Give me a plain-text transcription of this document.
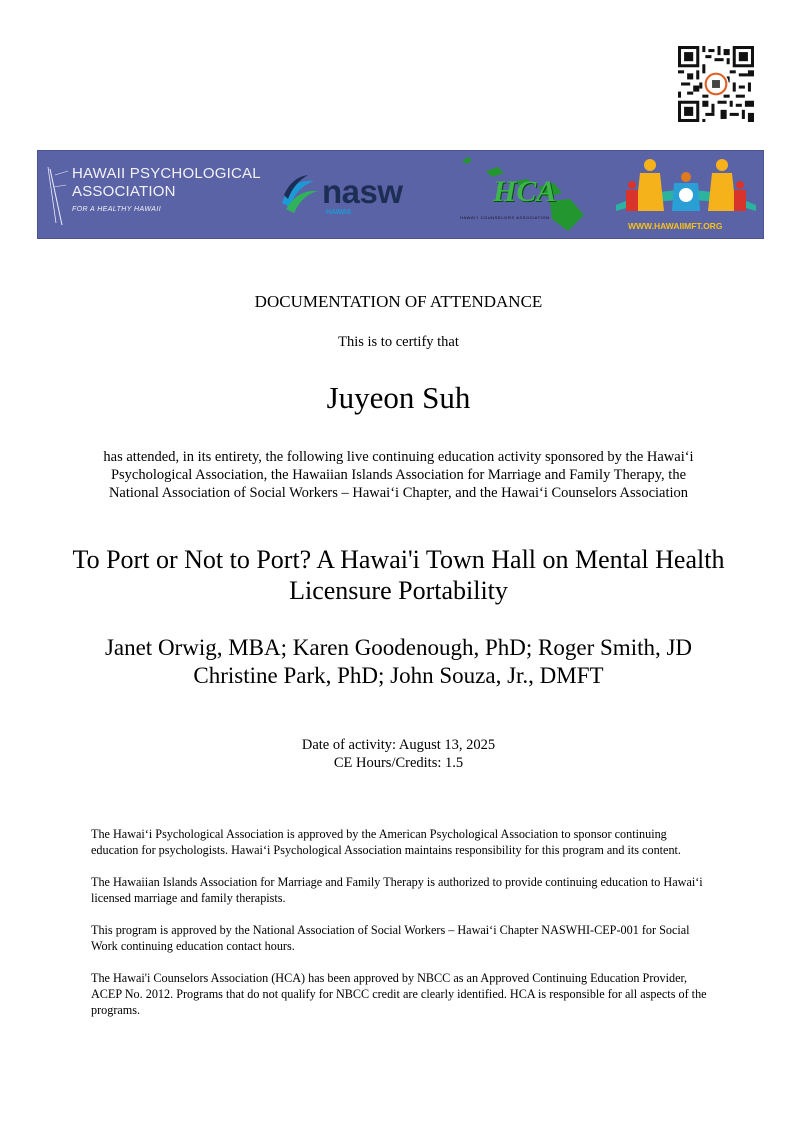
HAWAII PSYCHOLOGICAL
ASSOCIATION
FOR A HEALTHY HAWAII	nasw
HAWAII
HCA
HAWAI'I COUNSELORS ASSOCIATION
WWW.HAWAIIMFT.ORG
DOCUMENTATION OF ATTENDANCE
This is to certify that
Juyeon Suh
has attended, in its entirety, the following live continuing education activity sponsored by the Hawai‘i Psychological Association, the Hawaiian Islands Association for Marriage and Family Therapy, the National Association of Social Workers – Hawai‘i Chapter, and the Hawai‘i Counselors Association
To Port or Not to Port? A Hawai'i Town Hall on Mental Health Licensure Portability
Janet Orwig, MBA; Karen Goodenough, PhD; Roger Smith, JD
Christine Park, PhD; John Souza, Jr., DMFT
Date of activity: August 13, 2025
CE Hours/Credits: 1.5

The Hawai‘i Psychological Association is approved by the American Psychological Association to sponsor continuing education for psychologists. Hawai‘i Psychological Association maintains responsibility for this program and its content.

The Hawaiian Islands Association for Marriage and Family Therapy is authorized to provide continuing education to Hawai‘i licensed marriage and family therapists.

This program is approved by the National Association of Social Workers – Hawai‘i Chapter NASWHI-CEP-001 for Social Work continuing education contact hours.

The Hawai'i Counselors Association (HCA) has been approved by NBCC as an Approved Continuing Education Provider, ACEP No. 2012. Programs that do not qualify for NBCC credit are clearly identified. HCA is responsible for all aspects of the programs.
